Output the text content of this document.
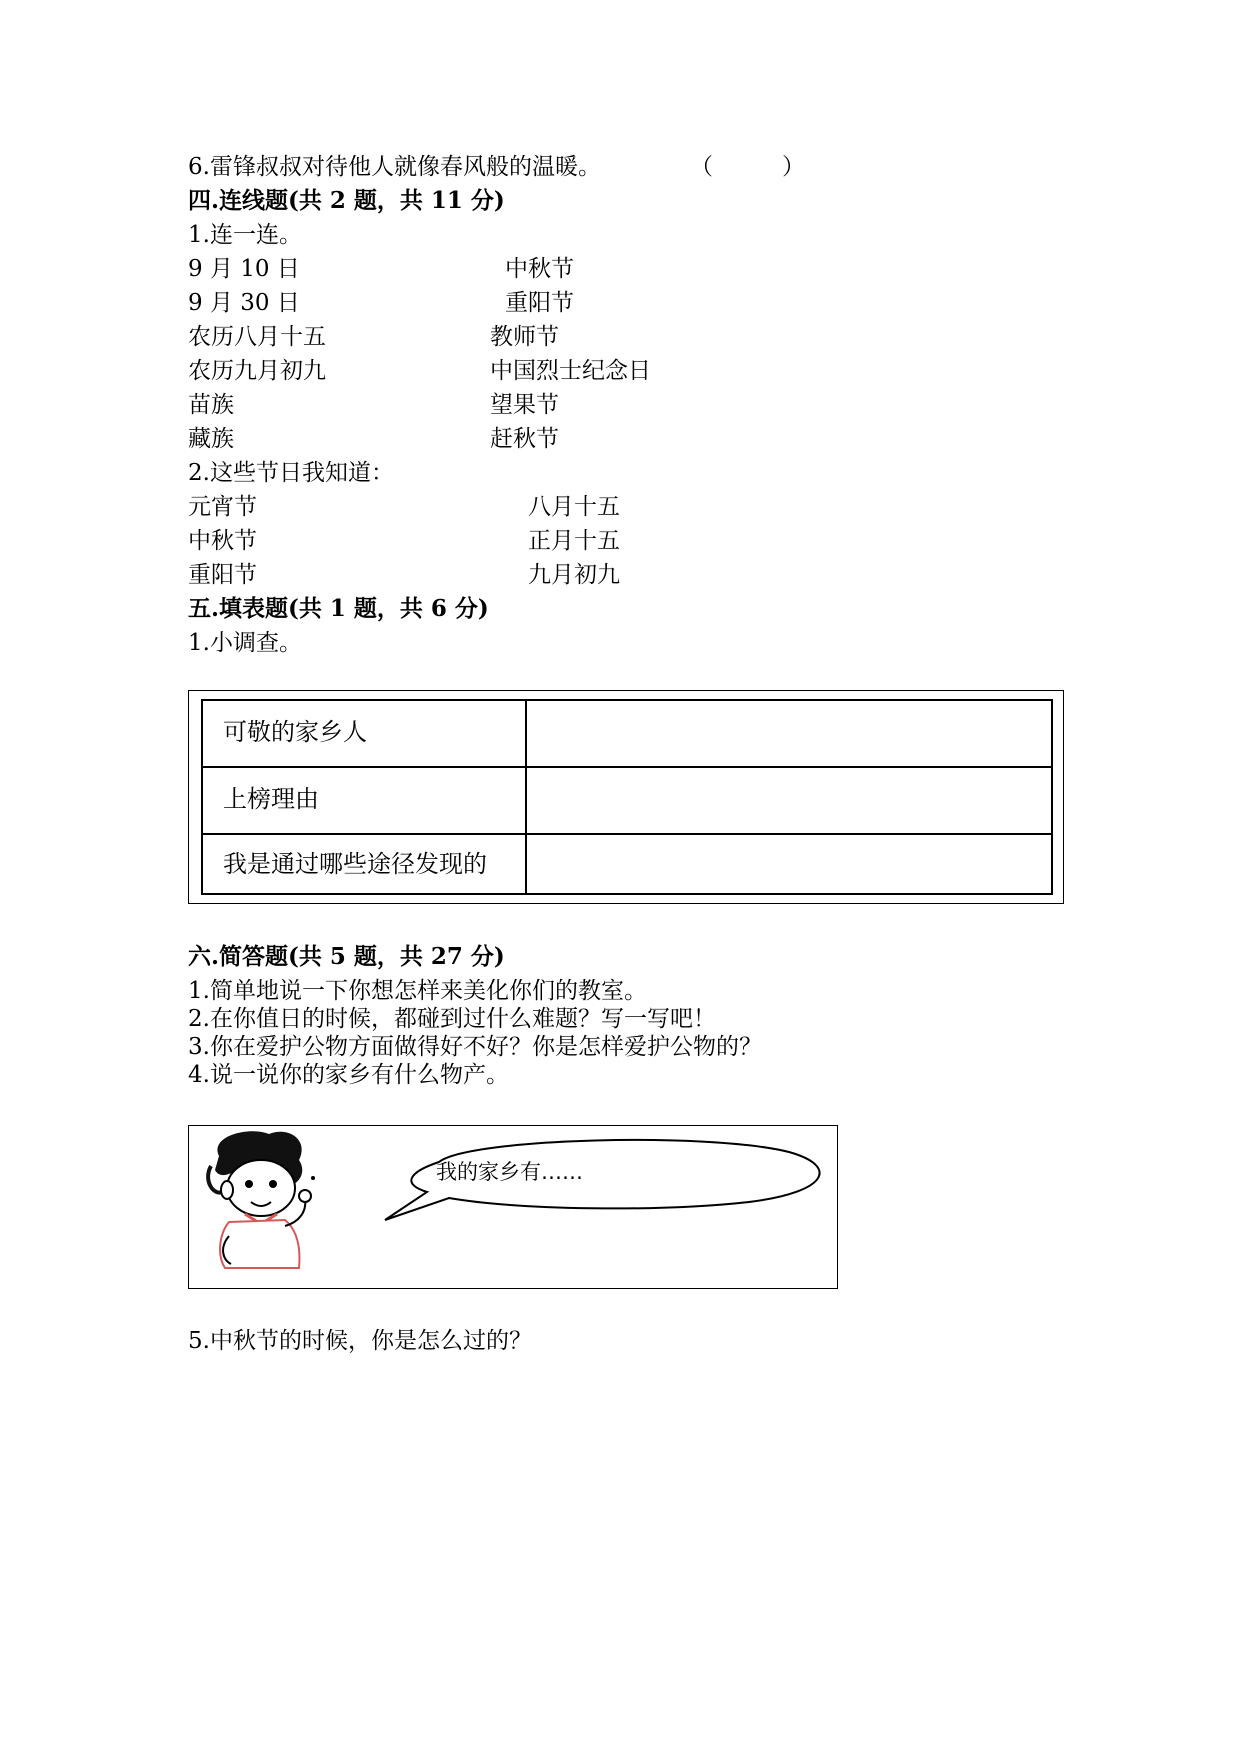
6.雷锋叔叔对待他人就像春风般的温暖。	（　　　）
四.连线题(共 2 题，共 11 分)
1.连一连。
9 月 10 日
9 月 30 日
农历八月十五
农历九月初九
苗族
藏族
中秋节
重阳节
教师节
中国烈士纪念日
望果节
赶秋节
2.这些节日我知道：
元宵节
中秋节
重阳节
八月十五
正月十五
九月初九
五.填表题(共 1 题，共 6 分)
1.小调查。
可敬的家乡人
上榜理由
我是通过哪些途径发现的
六.简答题(共 5 题，共 27 分)
1.简单地说一下你想怎样来美化你们的教室。
2.在你值日的时候，都碰到过什么难题？写一写吧！
3.你在爱护公物方面做得好不好？你是怎样爱护公物的？
4.说一说你的家乡有什么物产。
我的家乡有……
5.中秋节的时候，你是怎么过的？
